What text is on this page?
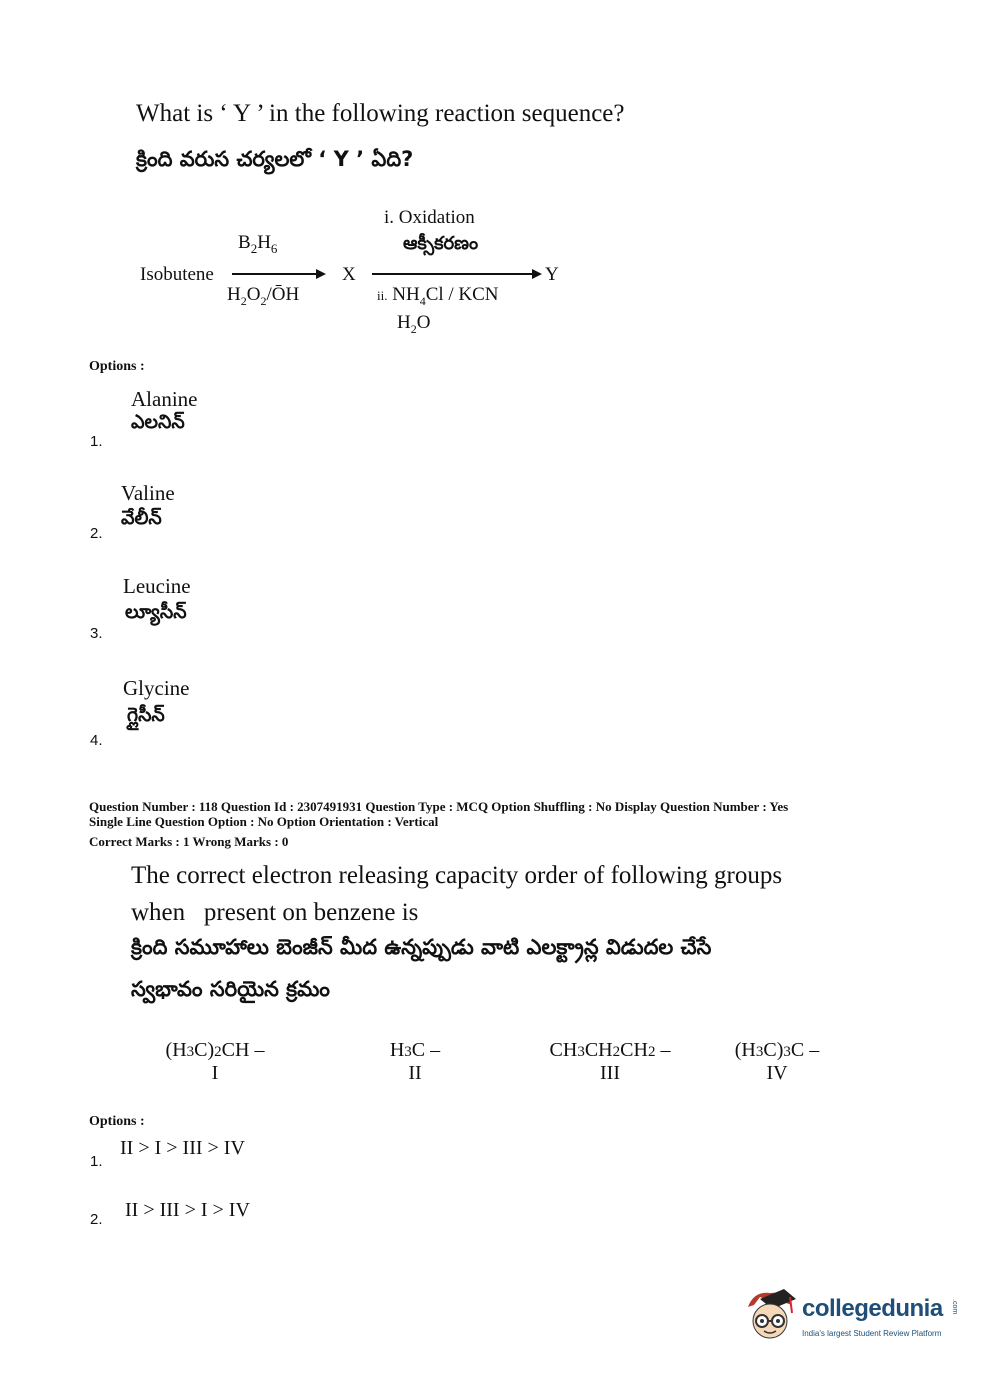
What is ‘ Y ’ in the following reaction sequence?
క్రింది వరుస చర్యలలో ‘ Y ’ ఏది?
Isobutene
$B_2H_6$
$H_2O_2/ŌH$
X
i. Oxidation
ఆక్సీకరణం
ii. $NH_4Cl$ / KCN
$H_2O$
Y
Options :
Alanine
ఎలనిన్
1.
Valine
వేలీన్
2.
Leucine
ల్యూసీన్
3.
Glycine
గ్లైసీన్
4.
Question Number : 118 Question Id : 2307491931 Question Type : MCQ Option Shuffling : No Display Question Number : Yes
Single Line Question Option : No Option Orientation : Vertical
Correct Marks : 1 Wrong Marks : 0
The correct electron releasing capacity order of following groups
when   present on benzene is
క్రింది సమూహాలు బెంజీన్ మీద ఉన్నప్పుడు వాటి ఎలక్ట్రాన్ల విడుదల చేసే
స్వభావం సరియైన క్రమం
(H3C)2CH –
I
H3C –
II
CH3CH2CH2 –
III
(H3C)3C –
IV
Options :
II > I > III > IV
1.
II > III > I > IV
2.
collegedunia .com
India's largest Student Review Platform
